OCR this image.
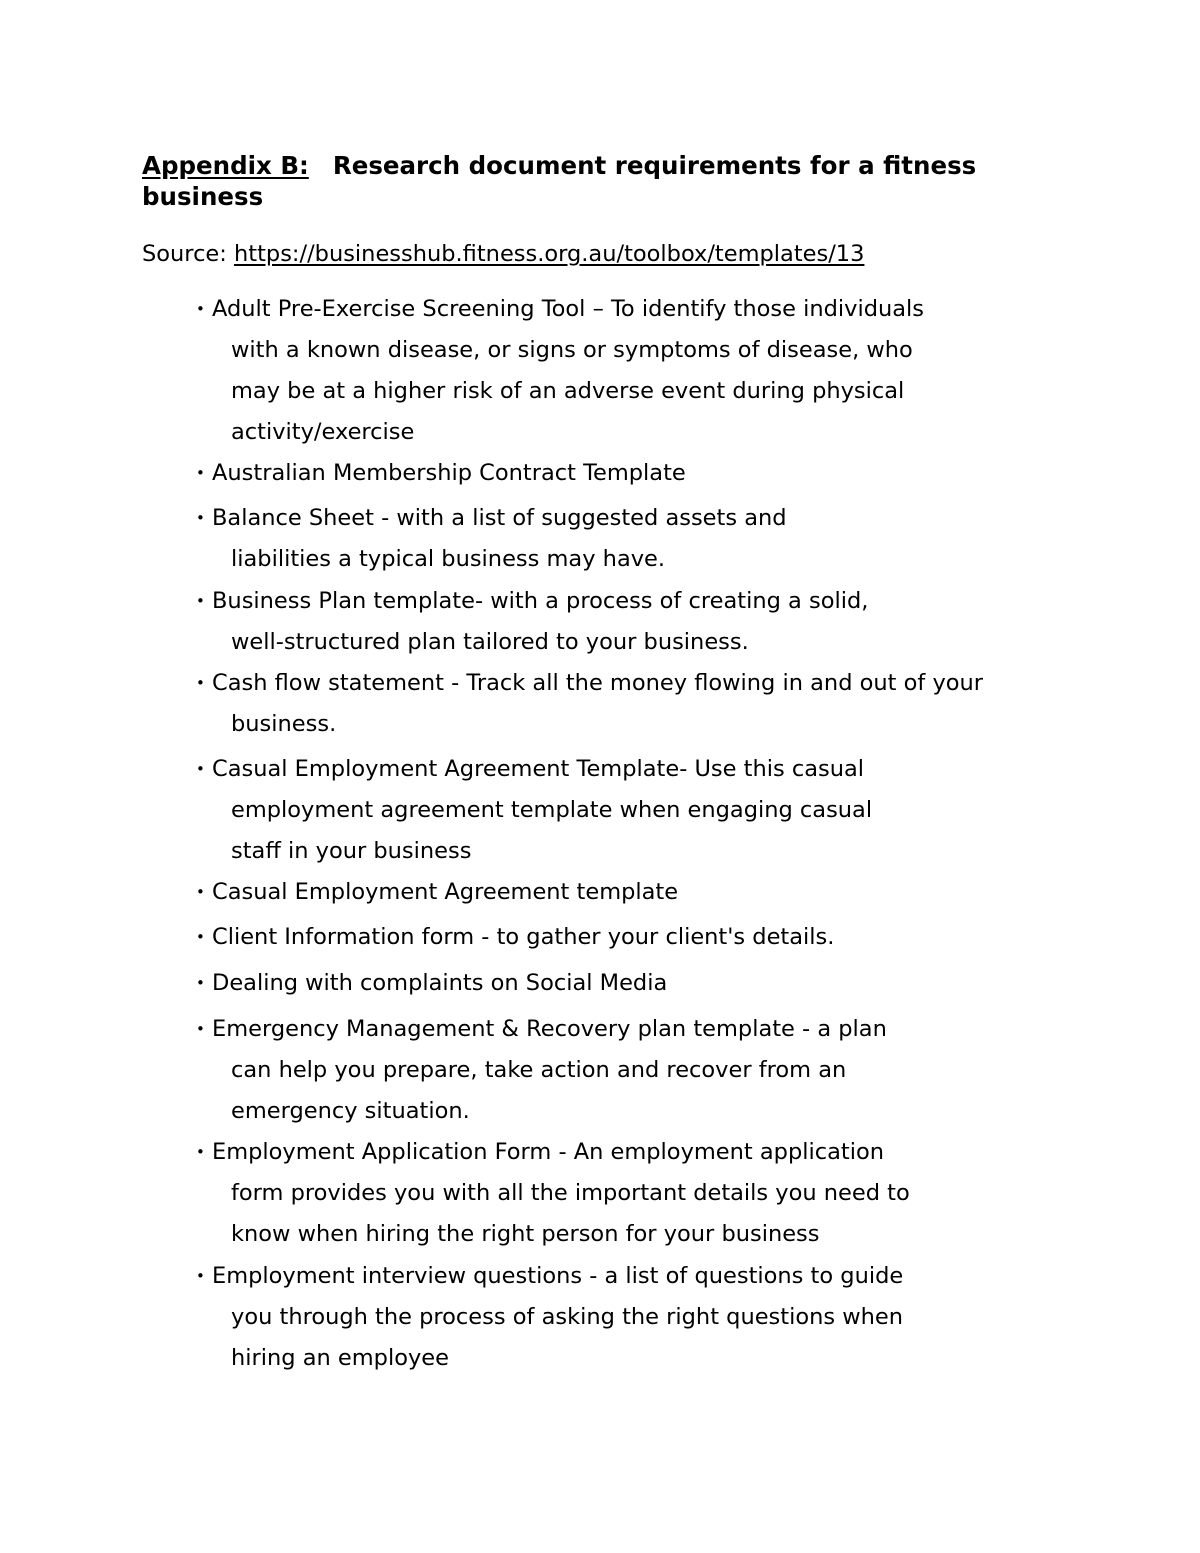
Appendix B: Research document requirements for a fitness
business
Source: https://businesshub.fitness.org.au/toolbox/templates/13
• Adult Pre-Exercise Screening Tool – To identify those individuals
with a known disease, or signs or symptoms of disease, who
may be at a higher risk of an adverse event during physical
activity/exercise
• Australian Membership Contract Template
• Balance Sheet - with a list of suggested assets and
liabilities a typical business may have.
• Business Plan template- with a process of creating a solid,
well-structured plan tailored to your business.
• Cash flow statement - Track all the money flowing in and out of your
business.
• Casual Employment Agreement Template- Use this casual
employment agreement template when engaging casual
staff in your business
• Casual Employment Agreement template
• Client Information form - to gather your client's details.
• Dealing with complaints on Social Media
• Emergency Management & Recovery plan template - a plan
can help you prepare, take action and recover from an
emergency situation.
• Employment Application Form - An employment application
form provides you with all the important details you need to
know when hiring the right person for your business
• Employment interview questions - a list of questions to guide
you through the process of asking the right questions when
hiring an employee
